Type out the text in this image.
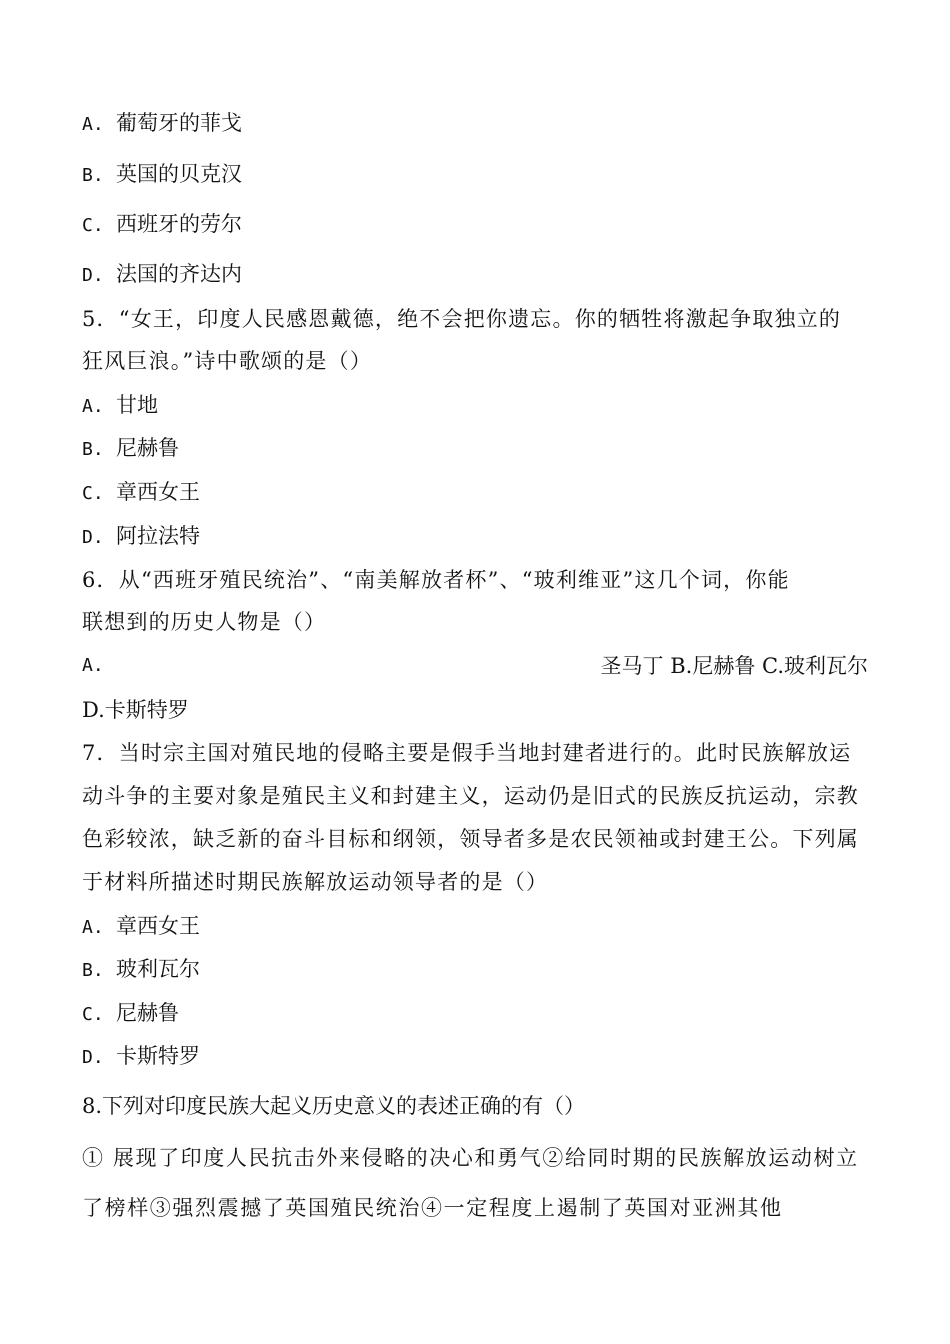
A. 葡萄牙的菲戈
B. 英国的贝克汉
C. 西班牙的劳尔
D. 法国的齐达内
5．“女王，印度人民感恩戴德，绝不会把你遗忘。你的牺牲将激起争取独立的
狂风巨浪。”诗中歌颂的是（）
A. 甘地
B. 尼赫鲁
C. 章西女王
D. 阿拉法特
6．从“西班牙殖民统治”、“南美解放者杯”、“玻利维亚”这几个词，你能
联想到的历史人物是（）
A.	圣马丁 B.尼赫鲁 C.玻利瓦尔
D.卡斯特罗
7．当时宗主国对殖民地的侵略主要是假手当地封建者进行的。此时民族解放运
动斗争的主要对象是殖民主义和封建主义，运动仍是旧式的民族反抗运动，宗教
色彩较浓，缺乏新的奋斗目标和纲领，领导者多是农民领袖或封建王公。下列属
于材料所描述时期民族解放运动领导者的是（）
A. 章西女王
B. 玻利瓦尔
C. 尼赫鲁
D. 卡斯特罗
8.下列对印度民族大起义历史意义的表述正确的有（）
① 展现了印度人民抗击外来侵略的决心和勇气②给同时期的民族解放运动树立
了榜样③强烈震撼了英国殖民统治④一定程度上遏制了英国对亚洲其他
